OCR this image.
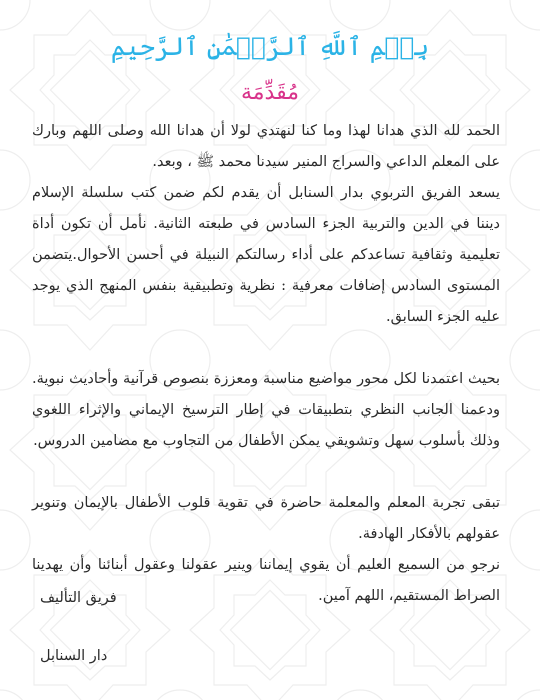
بِسۡمِ ٱللَّهِ ٱلرَّحۡمَٰنِ ٱلرَّحِيمِ
مُقَدِّمَة

الحمد لله الذي هدانا لهذا وما كنا لنهتدي لولا أن هدانا الله وصلى اللهم وبارك على المعلم الداعي والسراج المنير سيدنا محمد ﷺ ، وبعد.

يسعد الفريق التربوي بدار السنابل أن يقدم لكم ضمن كتب سلسلة الإسلام ديننا في الدين والتربية الجزء السادس في طبعته الثانية. نأمل أن تكون أداة تعليمية وثقافية تساعدكم على أداء رسالتكم النبيلة في أحسن الأحوال.يتضمن المستوى السادس إضافات معرفية : نظرية وتطبيقية بنفس المنهج الذي يوجد عليه الجزء السابق.

بحيث اعتمدنا لكل محور مواضيع مناسبة ومعززة بنصوص قرآنية وأحاديث نبوية. ودعمنا الجانب النظري بتطبيقات في إطار الترسيخ الإيماني والإثراء اللغوي وذلك بأسلوب سهل وتشويقي يمكن الأطفال من التجاوب مع مضامين الدروس.

تبقى تجربة المعلم والمعلمة حاضرة في تقوية قلوب الأطفال بالإيمان وتنوير عقولهم بالأفكار الهادفة.

نرجو من السميع العليم أن يقوي إيماننا وينير عقولنا وعقول أبنائنا وأن يهدينا الصراط المستقيم، اللهم آمين.

فريق التأليف
دار السنابل
